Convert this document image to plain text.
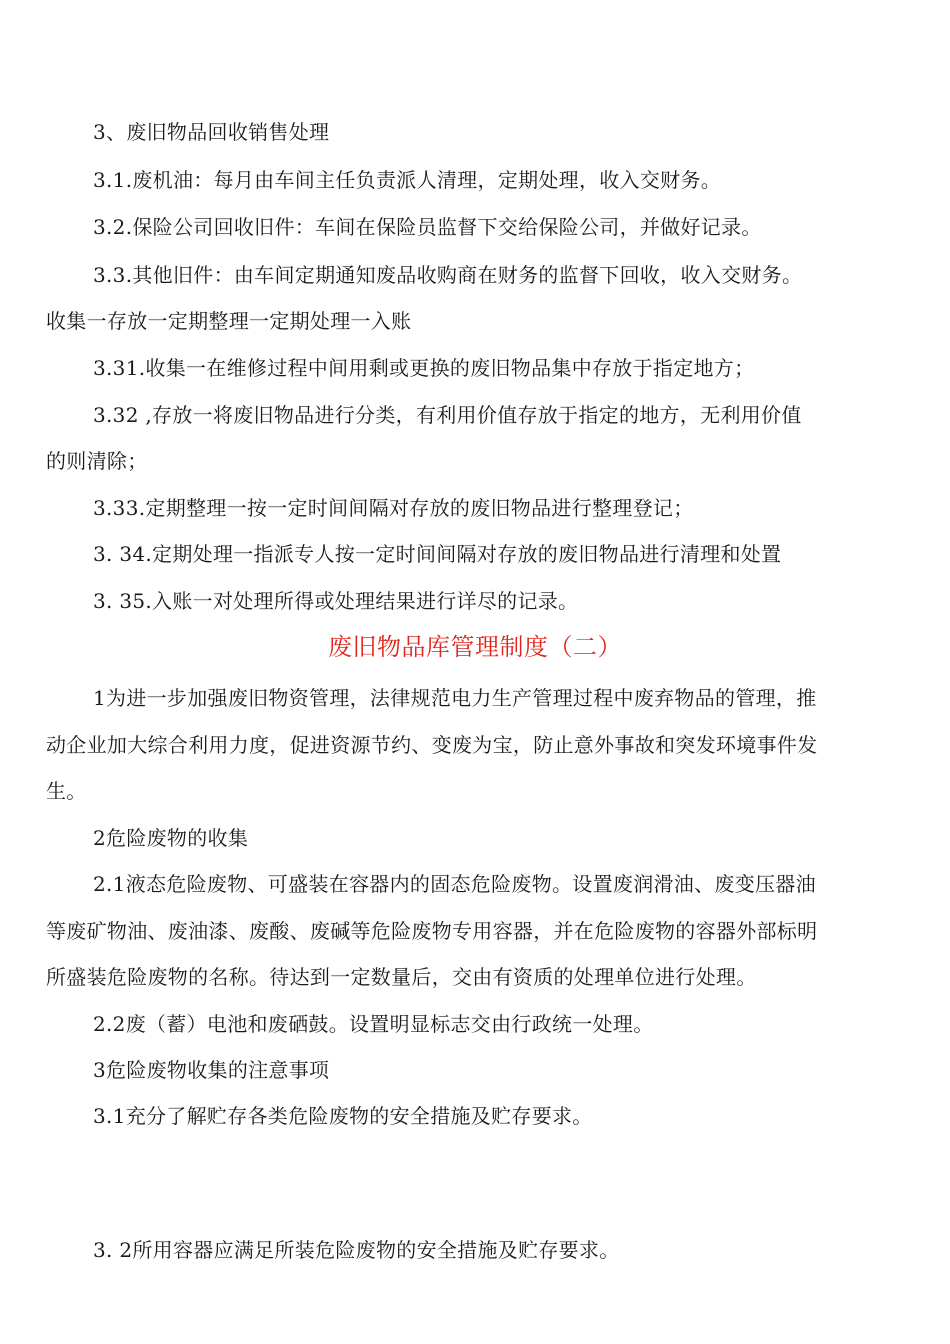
3、废旧物品回收销售处理
3.1.废机油：每月由车间主任负责派人清理，定期处理，收入交财务。
3.2.保险公司回收旧件：车间在保险员监督下交给保险公司，并做好记录。
3.3.其他旧件：由车间定期通知废品收购商在财务的监督下回收，收入交财务。
收集一存放一定期整理一定期处理一入账
3.31.收集一在维修过程中间用剩或更换的废旧物品集中存放于指定地方；
3.32 ,存放一将废旧物品进行分类，有利用价值存放于指定的地方，无利用价值
的则清除；
3.33.定期整理一按一定时间间隔对存放的废旧物品进行整理登记；
3. 34.定期处理一指派专人按一定时间间隔对存放的废旧物品进行清理和处置
3. 35.入账一对处理所得或处理结果进行详尽的记录。
废旧物品库管理制度（二）
1为进一步加强废旧物资管理，法律规范电力生产管理过程中废弃物品的管理，推
动企业加大综合利用力度，促进资源节约、变废为宝，防止意外事故和突发环境事件发
生。
2危险废物的收集
2.1液态危险废物、可盛装在容器内的固态危险废物。设置废润滑油、废变压器油
等废矿物油、废油漆、废酸、废碱等危险废物专用容器，并在危险废物的容器外部标明
所盛装危险废物的名称。待达到一定数量后，交由有资质的处理单位进行处理。
2.2废（蓄）电池和废硒鼓。设置明显标志交由行政统一处理。
3危险废物收集的注意事项
3.1充分了解贮存各类危险废物的安全措施及贮存要求。
3. 2所用容器应满足所装危险废物的安全措施及贮存要求。
